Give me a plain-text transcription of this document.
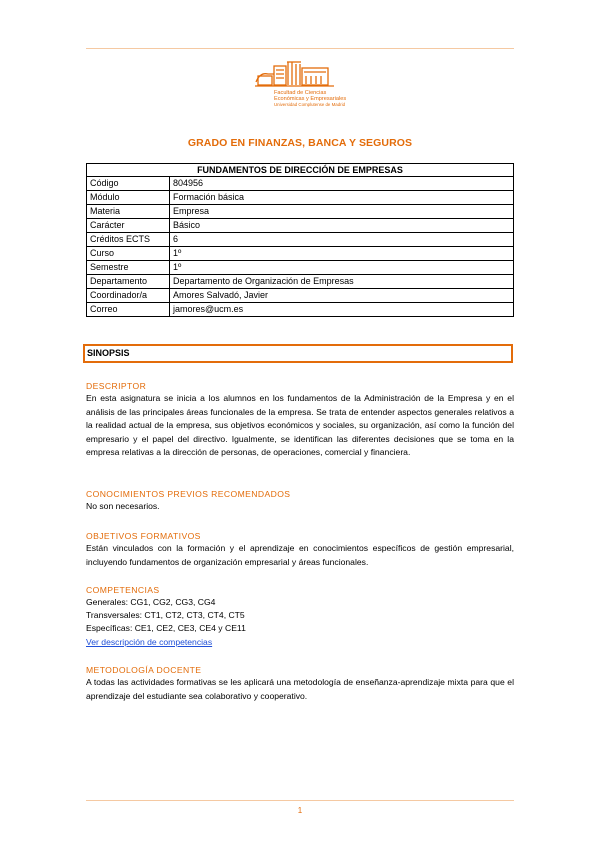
Facultad de Ciencias
Económicas y Empresariales
Universidad Complutense de Madrid
GRADO EN FINANZAS, BANCA Y SEGUROS
FUNDAMENTOS DE DIRECCIÓN DE EMPRESAS	
Código	804956
Módulo	Formación básica
Materia	Empresa
Carácter	Básico
Créditos ECTS	6
Curso	1º
Semestre	1º
Departamento	Departamento de Organización de Empresas
Coordinador/a	Amores Salvadó, Javier
Correo	jamores@ucm.es
SINOPSIS
DESCRIPTOR
En esta asignatura se inicia a los alumnos en los fundamentos de la Administración de la Empresa y en el análisis de las principales áreas funcionales de la empresa. Se trata de entender aspectos generales relativos a la realidad actual de la empresa, sus objetivos económicos y sociales, su organización, así como la función del empresario y el papel del directivo. Igualmente, se identifican las diferentes decisiones que se toma en la empresa relativas a la dirección de personas, de operaciones, comercial y financiera.
CONOCIMIENTOS PREVIOS RECOMENDADOS
No son necesarios.
OBJETIVOS FORMATIVOS
Están vinculados con la formación y el aprendizaje en conocimientos específicos de gestión empresarial, incluyendo fundamentos de organización empresarial y áreas funcionales.
COMPETENCIAS
Generales: CG1, CG2, CG3, CG4
Transversales: CT1, CT2, CT3, CT4, CT5
Específicas: CE1, CE2, CE3, CE4 y CE11
Ver descripción de competencias
METODOLOGÍA DOCENTE
A todas las actividades formativas se les aplicará una metodología de enseñanza-aprendizaje mixta para que el aprendizaje del estudiante sea colaborativo y cooperativo.
1
